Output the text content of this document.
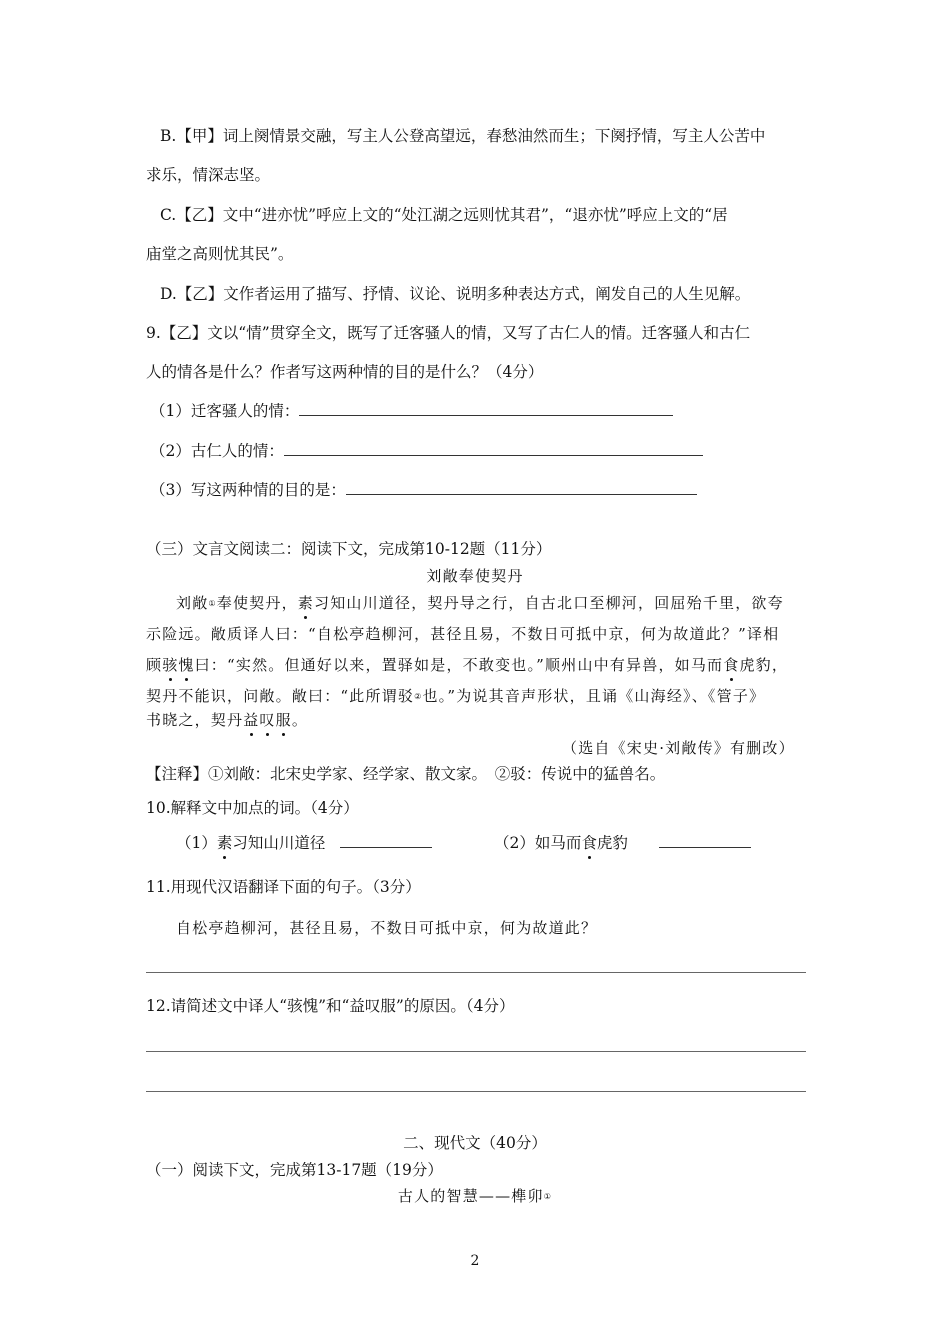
B.【甲】词上阕情景交融，写主人公登高望远，春愁油然而生；下阕抒情，写主人公苦中
求乐，情深志坚。
C.【乙】文中“进亦忧”呼应上文的“处江湖之远则忧其君”，“退亦忧”呼应上文的“居
庙堂之高则忧其民”。
D.【乙】文作者运用了描写、抒情、议论、说明多种表达方式，阐发自己的人生见解。
9.【乙】文以“情”贯穿全文，既写了迁客骚人的情，又写了古仁人的情。迁客骚人和古仁
人的情各是什么？作者写这两种情的目的是什么？（4分）
（1）迁客骚人的情：
（2）古仁人的情：
（3）写这两种情的目的是：
（三）文言文阅读二：阅读下文，完成第10-12题（11分）
刘敞奉使契丹
刘敞①奉使契丹，素习知山川道径，契丹导之行，自古北口至柳河，回屈殆千里，欲夸
示险远。敞质译人曰：“自松亭趋柳河，甚径且易，不数日可抵中京，何为故道此？”译相
顾骇愧曰：“实然。但通好以来，置驿如是，不敢变也。”顺州山中有异兽，如马而食虎豹，
契丹不能识，问敞。敞曰：“此所谓驳②也。”为说其音声形状，且诵《山海经》、《管子》
书晓之，契丹益叹服。
（选自《宋史·刘敞传》有删改）
【注释】①刘敞：北宋史学家、经学家、散文家。　②驳：传说中的猛兽名。
10.解释文中加点的词。（4分）
（1）素习知山川道径	（2）如马而食虎豹
11.用现代汉语翻译下面的句子。（3分）
自松亭趋柳河，甚径且易，不数日可抵中京，何为故道此？
12.请简述文中译人“骇愧”和“益叹服”的原因。（4分）
二、现代文（40分）
（一）阅读下文，完成第13-17题（19分）
古人的智慧——榫卯①
2
